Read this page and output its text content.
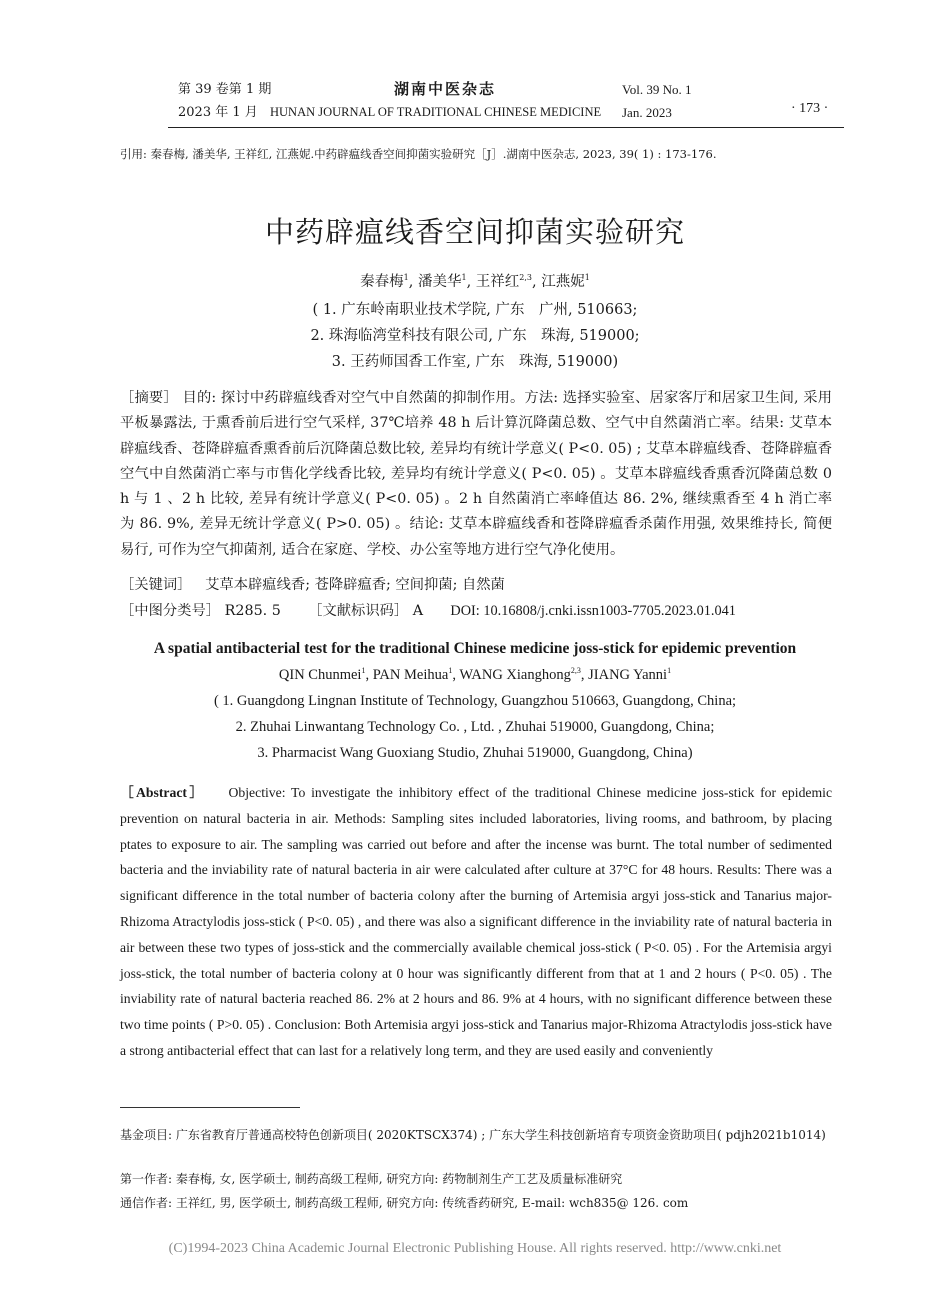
第 39 卷第 1 期
2023 年 1 月
湖南中医杂志
HUNAN JOURNAL OF TRADITIONAL CHINESE MEDICINE
Vol. 39 No. 1
Jan. 2023	· 173 ·
引用: 秦春梅, 潘美华, 王祥红, 江燕妮.中药辟瘟线香空间抑菌实验研究［J］.湖南中医杂志, 2023, 39( 1) : 173-176.
中药辟瘟线香空间抑菌实验研究
秦春梅$^1$, 潘美华$^1$, 王祥红$^{2,3}$, 江燕妮$^1$
( 1. 广东岭南职业技术学院, 广东　广州, 510663;
2. 珠海临湾堂科技有限公司, 广东　珠海, 519000;
3. 王药师国香工作室, 广东　珠海, 519000)
［摘要］ 目的: 探讨中药辟瘟线香对空气中自然菌的抑制作用。方法: 选择实验室、居家客厅和居家卫生间, 采用平板暴露法, 于熏香前后进行空气采样, 37℃培养 48 h 后计算沉降菌总数、空气中自然菌消亡率。结果: 艾草本辟瘟线香、苍降辟瘟香熏香前后沉降菌总数比较, 差异均有统计学意义( P<0. 05) ; 艾草本辟瘟线香、苍降辟瘟香空气中自然菌消亡率与市售化学线香比较, 差异均有统计学意义( P<0. 05) 。艾草本辟瘟线香熏香沉降菌总数 0 h 与 1 、2 h 比较, 差异有统计学意义( P<0. 05) 。2 h 自然菌消亡率峰值达 86. 2%, 继续熏香至 4 h 消亡率为 86. 9%, 差异无统计学意义( P>0. 05) 。结论: 艾草本辟瘟线香和苍降辟瘟香杀菌作用强, 效果维持长, 简便易行, 可作为空气抑菌剂, 适合在家庭、学校、办公室等地方进行空气净化使用。
［关键词］ 艾草本辟瘟线香; 苍降辟瘟香; 空间抑菌; 自然菌
［中图分类号］ R285. 5 ［文献标识码］ A DOI: 10.16808/j.cnki.issn1003-7705.2023.01.041
A spatial antibacterial test for the traditional Chinese medicine joss-stick for epidemic prevention
QIN Chunmei$^1$, PAN Meihua$^1$, WANG Xianghong$^{2,3}$, JIANG Yanni$^1$
( 1. Guangdong Lingnan Institute of Technology, Guangzhou 510663, Guangdong, China;
2. Zhuhai Linwantang Technology Co. , Ltd. , Zhuhai 519000, Guangdong, China;
3. Pharmacist Wang Guoxiang Studio, Zhuhai 519000, Guangdong, China)
［Abstract］ Objective: To investigate the inhibitory effect of the traditional Chinese medicine joss-stick for epidemic prevention on natural bacteria in air. Methods: Sampling sites included laboratories, living rooms, and bathroom, by placing ptates to exposure to air. The sampling was carried out before and after the incense was burnt. The total number of sedimented bacteria and the inviability rate of natural bacteria in air were calculated after culture at 37°C for 48 hours. Results: There was a significant difference in the total number of bacteria colony after the burning of Artemisia argyi joss-stick and Tanarius major-Rhizoma Atractylodis joss-stick ( P<0. 05) , and there was also a significant difference in the inviability rate of natural bacteria in air between these two types of joss-stick and the commercially available chemical joss-stick ( P<0. 05) . For the Artemisia argyi joss-stick, the total number of bacteria colony at 0 hour was significantly different from that at 1 and 2 hours ( P<0. 05) . The inviability rate of natural bacteria reached 86. 2% at 2 hours and 86. 9% at 4 hours, with no significant difference between these two time points ( P>0. 05) . Conclusion: Both Artemisia argyi joss-stick and Tanarius major-Rhizoma Atractylodis joss-stick have a strong antibacterial effect that can last for a relatively long term, and they are used easily and conveniently
基金项目: 广东省教育厅普通高校特色创新项目( 2020KTSCX374) ; 广东大学生科技创新培育专项资金资助项目( pdjh2021b1014)
第一作者: 秦春梅, 女, 医学硕士, 制药高级工程师, 研究方向: 药物制剂生产工艺及质量标准研究
通信作者: 王祥红, 男, 医学硕士, 制药高级工程师, 研究方向: 传统香药研究, E-mail: wch835@ 126. com
(C)1994-2023 China Academic Journal Electronic Publishing House. All rights reserved. http://www.cnki.net
